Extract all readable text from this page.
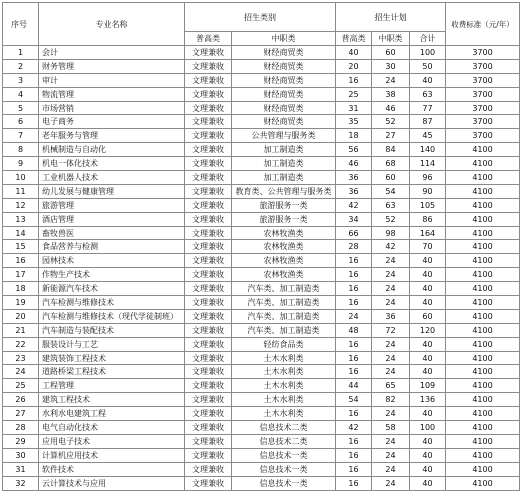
序号	专业名称	招生类别		招生计划			收费标准（元/年）
		普高类	中职类	普高类	中职类	合计	
1	会计	文理兼收	财经商贸类	40	60	100	3700
2	财务管理	文理兼收	财经商贸类	20	30	50	3700
3	审计	文理兼收	财经商贸类	16	24	40	3700
4	物流管理	文理兼收	财经商贸类	25	38	63	3700
5	市场营销	文理兼收	财经商贸类	31	46	77	3700
6	电子商务	文理兼收	财经商贸类	35	52	87	3700
7	老年服务与管理	文理兼收	公共管理与服务类	18	27	45	3700
8	机械制造与自动化	文理兼收	加工制造类	56	84	140	4100
9	机电一体化技术	文理兼收	加工制造类	46	68	114	4100
10	工业机器人技术	文理兼收	加工制造类	36	60	96	4100
11	幼儿发展与健康管理	文理兼收	教育类、公共管理与服务类	36	54	90	4100
12	旅游管理	文理兼收	旅游服务一类	42	63	105	4100
13	酒店管理	文理兼收	旅游服务一类	34	52	86	4100
14	畜牧兽医	文理兼收	农林牧渔类	66	98	164	4100
15	食品营养与检测	文理兼收	农林牧渔类	28	42	70	4100
16	园林技术	文理兼收	农林牧渔类	16	24	40	4100
17	作物生产技术	文理兼收	农林牧渔类	16	24	40	4100
18	新能源汽车技术	文理兼收	汽车类、加工制造类	16	24	40	4100
19	汽车检测与维修技术	文理兼收	汽车类、加工制造类	16	24	40	4100
20	汽车检测与维修技术（现代学徒制班）	文理兼收	汽车类、加工制造类	24	36	60	4100
21	汽车制造与装配技术	文理兼收	汽车类、加工制造类	48	72	120	4100
22	服装设计与工艺	文理兼收	轻纺食品类	16	24	40	4100
23	建筑装饰工程技术	文理兼收	土木水利类	16	24	40	4100
24	道路桥梁工程技术	文理兼收	土木水利类	16	24	40	4100
25	工程管理	文理兼收	土木水利类	44	65	109	4100
26	建筑工程技术	文理兼收	土木水利类	54	82	136	4100
27	水利水电建筑工程	文理兼收	土木水利类	16	24	40	4100
28	电气自动化技术	文理兼收	信息技术二类	42	58	100	4100
29	应用电子技术	文理兼收	信息技术二类	16	24	40	4100
30	计算机应用技术	文理兼收	信息技术一类	16	24	40	4100
31	软件技术	文理兼收	信息技术一类	16	24	40	4100
32	云计算技术与应用	文理兼收	信息技术一类	16	24	40	4100
